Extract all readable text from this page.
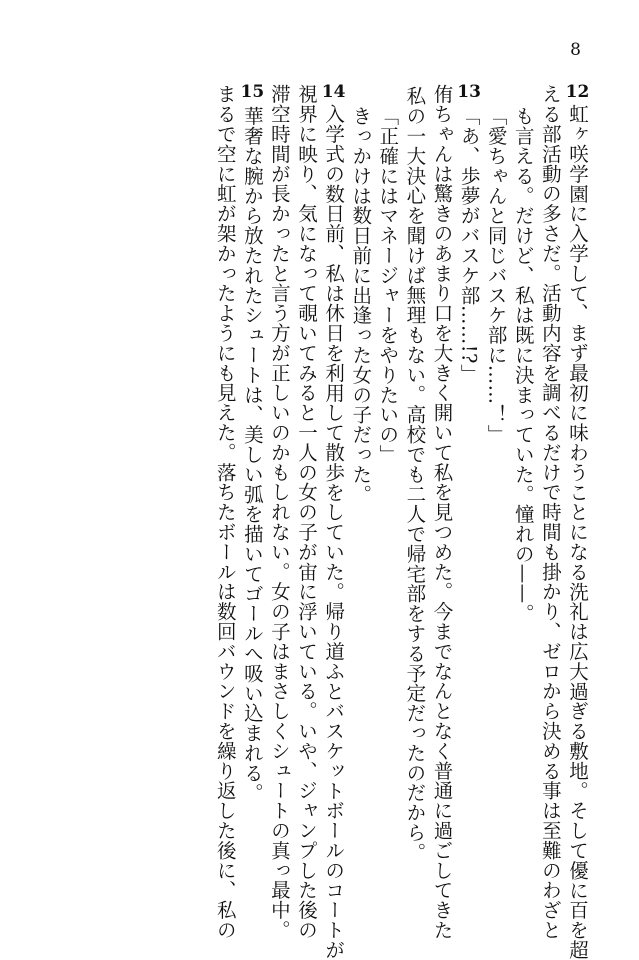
8
12
虹ヶ咲学園に入学して、まず最初に味わうことになる洗礼は広大過ぎる敷地。そして優に百を超
える部活動の多さだ。活動内容を調べるだけで時間も掛かり、ゼロから決める事は至難のわざと
も言える。だけど、私は既に決まっていた。憧れの——。
「愛ちゃんと同じバスケ部に……！」
13
「あ、歩夢がバスケ部……!?」
侑ちゃんは驚きのあまり口を大きく開いて私を見つめた。今までなんとなく普通に過ごしてきた
私の一大決心を聞けば無理もない。高校でも二人で帰宅部をする予定だったのだから。
「正確にはマネージャーをやりたいの」
きっかけは数日前に出逢った女の子だった。
14
入学式の数日前、私は休日を利用して散歩をしていた。帰り道ふとバスケットボールのコートが
視界に映り、気になって覗いてみると一人の女の子が宙に浮いている。いや、ジャンプした後の
滞空時間が長かったと言う方が正しいのかもしれない。女の子はまさしくシュートの真っ最中。
15
華奢な腕から放たれたシュートは、美しい弧を描いてゴールへ吸い込まれる。
まるで空に虹が架かったようにも見えた。落ちたボールは数回バウンドを繰り返した後に、私の
